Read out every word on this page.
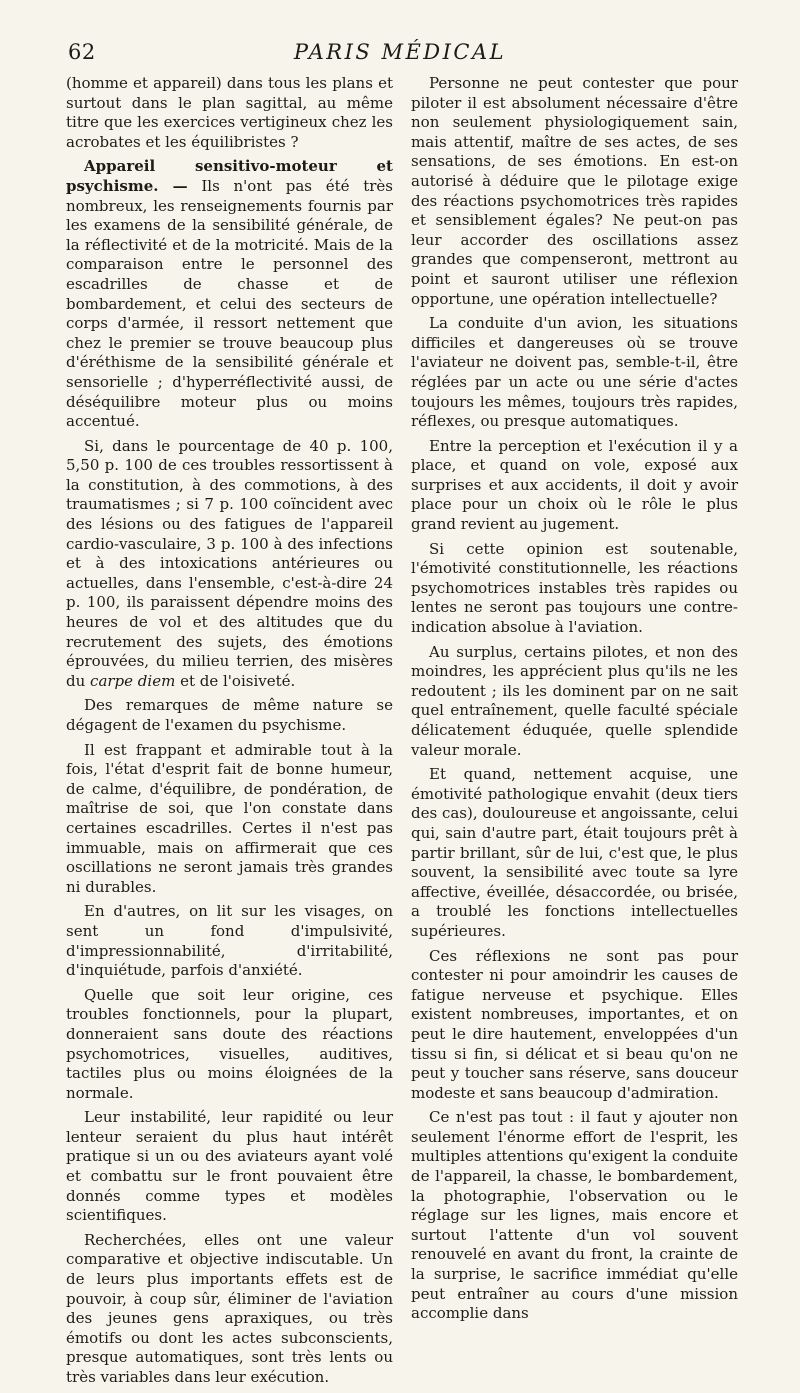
62	PARIS MÉDICAL

(homme et appareil) dans tous les plans et surtout dans le plan sagittal, au même titre que les exercices vertigineux chez les acrobates et les équilibristes ?

Appareil sensitivo-moteur et psychisme. — Ils n'ont pas été très nombreux, les renseignements fournis par les examens de la sensibilité générale, de la réflectivité et de la motricité. Mais de la comparaison entre le personnel des escadrilles de chasse et de bombardement, et celui des secteurs de corps d'armée, il ressort nettement que chez le premier se trouve beaucoup plus d'éréthisme de la sensibilité générale et sensorielle ; d'hyperréflectivité aussi, de déséquilibre moteur plus ou moins accentué.

Si, dans le pourcentage de 40 p. 100, 5,50 p. 100 de ces troubles ressortissent à la constitution, à des commotions, à des traumatismes ; si 7 p. 100 coïncident avec des lésions ou des fatigues de l'appareil cardio-vasculaire, 3 p. 100 à des infections et à des intoxications antérieures ou actuelles, dans l'ensemble, c'est-à-dire 24 p. 100, ils paraissent dépendre moins des heures de vol et des altitudes que du recrutement des sujets, des émotions éprouvées, du milieu terrien, des misères du carpe diem et de l'oisiveté.

Des remarques de même nature se dégagent de l'examen du psychisme.

Il est frappant et admirable tout à la fois, l'état d'esprit fait de bonne humeur, de calme, d'équilibre, de pondération, de maîtrise de soi, que l'on constate dans certaines escadrilles. Certes il n'est pas immuable, mais on affirmerait que ces oscillations ne seront jamais très grandes ni durables.

En d'autres, on lit sur les visages, on sent un fond d'impulsivité, d'impressionnabilité, d'irritabilité, d'inquiétude, parfois d'anxiété.

Quelle que soit leur origine, ces troubles fonctionnels, pour la plupart, donneraient sans doute des réactions psychomotrices, visuelles, auditives, tactiles plus ou moins éloignées de la normale.

Leur instabilité, leur rapidité ou leur lenteur seraient du plus haut intérêt pratique si un ou des aviateurs ayant volé et combattu sur le front pouvaient être donnés comme types et modèles scientifiques.

Recherchées, elles ont une valeur comparative et objective indiscutable. Un de leurs plus importants effets est de pouvoir, à coup sûr, éliminer de l'aviation des jeunes gens apraxiques, ou très émotifs ou dont les actes subconscients, presque automatiques, sont très lents ou très variables dans leur exécution.

Personne ne peut contester que pour piloter il est absolument nécessaire d'être non seulement physiologiquement sain, mais attentif, maître de ses actes, de ses sensations, de ses émotions. En est-on autorisé à déduire que le pilotage exige des réactions psychomotrices très rapides et sensiblement égales? Ne peut-on pas leur accorder des oscillations assez grandes que compenseront, mettront au point et sauront utiliser une réflexion opportune, une opération intellectuelle?

La conduite d'un avion, les situations difficiles et dangereuses où se trouve l'aviateur ne doivent pas, semble-t-il, être réglées par un acte ou une série d'actes toujours les mêmes, toujours très rapides, réflexes, ou presque automatiques.

Entre la perception et l'exécution il y a place, et quand on vole, exposé aux surprises et aux accidents, il doit y avoir place pour un choix où le rôle le plus grand revient au jugement.

Si cette opinion est soutenable, l'émotivité constitutionnelle, les réactions psychomotrices instables très rapides ou lentes ne seront pas toujours une contre-indication absolue à l'aviation.

Au surplus, certains pilotes, et non des moindres, les apprécient plus qu'ils ne les redoutent ; ils les dominent par on ne sait quel entraînement, quelle faculté spéciale délicatement éduquée, quelle splendide valeur morale.

Et quand, nettement acquise, une émotivité pathologique envahit (deux tiers des cas), douloureuse et angoissante, celui qui, sain d'autre part, était toujours prêt à partir brillant, sûr de lui, c'est que, le plus souvent, la sensibilité avec toute sa lyre affective, éveillée, désaccordée, ou brisée, a troublé les fonctions intellectuelles supérieures.

Ces réflexions ne sont pas pour contester ni pour amoindrir les causes de fatigue nerveuse et psychique. Elles existent nombreuses, importantes, et on peut le dire hautement, enveloppées d'un tissu si fin, si délicat et si beau qu'on ne peut y toucher sans réserve, sans douceur modeste et sans beaucoup d'admiration.

Ce n'est pas tout : il faut y ajouter non seulement l'énorme effort de l'esprit, les multiples attentions qu'exigent la conduite de l'appareil, la chasse, le bombardement, la photographie, l'observation ou le réglage sur les lignes, mais encore et surtout l'attente d'un vol souvent renouvelé en avant du front, la crainte de la surprise, le sacrifice immédiat qu'elle peut entraîner au cours d'une mission accomplie dans
